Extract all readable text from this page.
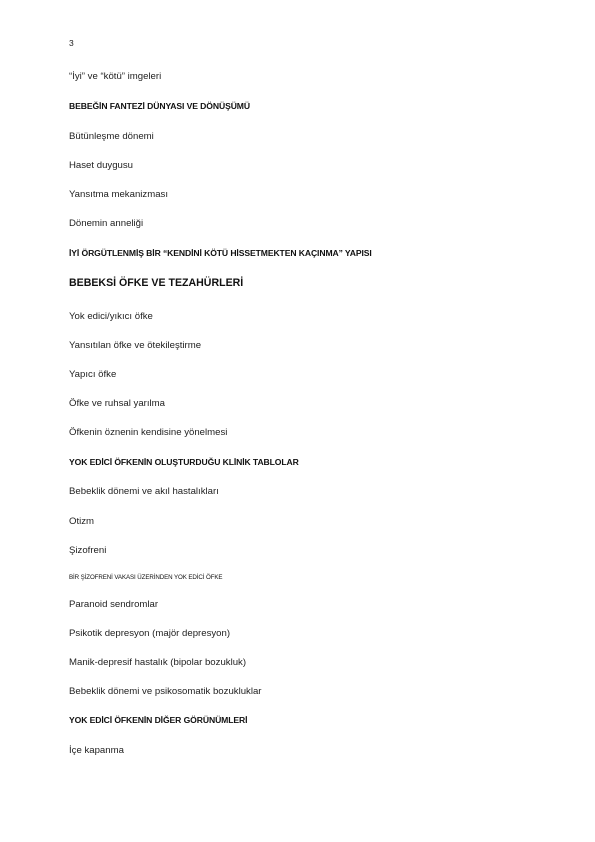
3
“İyi” ve “kötü” imgeleri
BEBEĞİN FANTEZİ DÜNYASI VE DÖNÜŞÜMÜ
Bütünleşme dönemi
Haset duygusu
Yansıtma mekanizması
Dönemin anneliği
İYİ ÖRGÜTLENMİŞ BİR “KENDİNİ KÖTÜ HİSSETMEKTEN KAÇINMA” YAPISI
BEBEKSİ ÖFKE VE TEZAHÜRLERİ
Yok edici/yıkıcı öfke
Yansıtılan öfke ve ötekileştirme
Yapıcı öfke
Öfke ve ruhsal yarılma
Öfkenin öznenin kendisine yönelmesi
YOK EDİCİ ÖFKENİN OLUŞTURDUĞU KLİNİK TABLOLAR
Bebeklik dönemi ve akıl hastalıkları
Otizm
Şizofreni
BİR ŞİZOFRENİ VAKASI ÜZERİNDEN YOK EDİCİ ÖFKE
Paranoid sendromlar
Psikotik depresyon (majör depresyon)
Manik-depresif hastalık (bipolar bozukluk)
Bebeklik dönemi ve psikosomatik bozukluklar
YOK EDİCİ ÖFKENİN DİĞER GÖRÜNÜMLERİ
İçe kapanma
